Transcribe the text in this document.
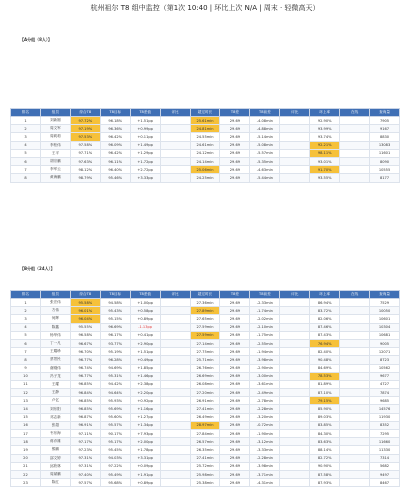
杭州祖尔 T8 组中监控（第1次 10:40 | 环比上次 N/A | 周末 · 轻微高天）
【A分组（8人）】
排名	组员	综合T8	T8目标	T8差值	评比	超过时长	T8差	T8前差	评比	环上率	在线	查询量
1	刘新刚	97.72%	96.18%	+1.51pp		25.61min	29.69	-4.08min		92.90%		7905
2	周文军	97.19%	96.36%	+0.99pp		24.81min	29.69	-4.88min		93.99%		9167
3	周莉莉	97.53%	96.42%	+0.11pp		24.55min	29.69	-5.14min		93.74%		8830
4	李松伟	97.58%	96.09%	+1.49pp		24.61min	29.69	-5.08min		92.21%		13083
5	王平	97.71%	96.42%	+1.29pp		24.12min	29.69	-5.57min		98.11%		11601
6	胡宗鹏	97.63%	96.11%	+1.72pp		24.14min	29.69	-5.35min		93.01%		8090
7	李军云	98.12%	96.40%	+2.72pp		25.06min	29.69	-4.63min		91.70%		10555
8	黄海鹏	98.79%	95.46%	+3.33pp		24.25min	29.69	-5.44min		93.55%		8177
【B分组（24人）】
排名	组员	综合T8	T8目标	T8差值	评比	超过时长	T8差	T8前差	评比	环上率	在线	查询量
1	张宏伟	95.58%	94.58%	+1.00pp		27.36min	29.69	-2.33min		86.94%		7529
2	方伟	96.01%	95.43%	+0.58pp		27.89min	29.69	-1.74min		83.72%		10050
3	何辉	96.04%	95.15%	+0.89pp		27.65min	29.69	-2.02min		82.06%		10601
4	陈鑫	95.55%	96.69%	-1.13pp		27.59min	29.69	-2.10min		87.46%		10304
5	杨华伟	96.58%	96.17%	+0.41pp		27.59min	29.69	-1.75min		87.43%		10681
6	丁一凡	96.67%	93.77%	+2.90pp		27.14min	29.69	-2.55min		76.94%		9005
7	王耀珍	96.70%	95.19%	+1.51pp		27.75min	29.69	-1.94min		82.40%		12071
8	蔡景民	96.77%	96.28%	+0.49pp		25.71min	29.69	-3.98min		90.48%		8723
9	谢刚伟	96.74%	94.69%	+1.85pp		26.76min	29.69	-2.90min		84.69%		10562
10	冯子龙	96.77%	95.31%	+1.46pp		26.69min	29.69	-3.00min		78.53%		9677
11	王耀	96.85%	94.42%	+2.38pp		26.08min	29.69	-3.61min		81.89%		4727
12	王静	96.84%	94.64%	+2.20pp		27.20min	29.69	-2.49min		87.10%		7874
13	卢亿	96.85%	95.93%	+0.92pp		26.91min	29.69	-2.78min		79.15%		9685
14	刘东阳	96.85%	95.69%	+1.16pp		27.41min	29.69	-2.28min		85.90%		14576
15	邓志新	96.87%	95.60%	+1.27pp		26.49min	29.69	-3.20min		89.03%		11930
16	张超	96.91%	95.57%	+1.34pp		28.97min	29.69	-0.72min		83.85%		8352
17	韦东海	97.11%	90.17%	+7.93pp		27.84min	29.69	-1.90min		84.30%		7295
18	蒋乔雄	97.17%	95.17%	+2.00pp		26.57min	29.69	-3.12min		83.63%		11660
19	熊鹏	97.23%	95.45%	+1.78pp		26.35min	29.69	-3.33min		88.14%		11330
20	邵文婷	97.31%	94.03%	+3.31pp		27.41min	29.69	-2.28min		82.72%		7314
21	邱欣林	97.31%	97.22%	+0.09pp		25.72min	29.69	-3.98min		90.90%		5682
22	周斌鹏	97.40%	95.49%	+1.91pp		25.98min	29.69	-3.71min		87.58%		9497
23	陈红	97.57%	95.68%	+0.89pp		25.38min	29.69	-4.31min		87.93%		8467
